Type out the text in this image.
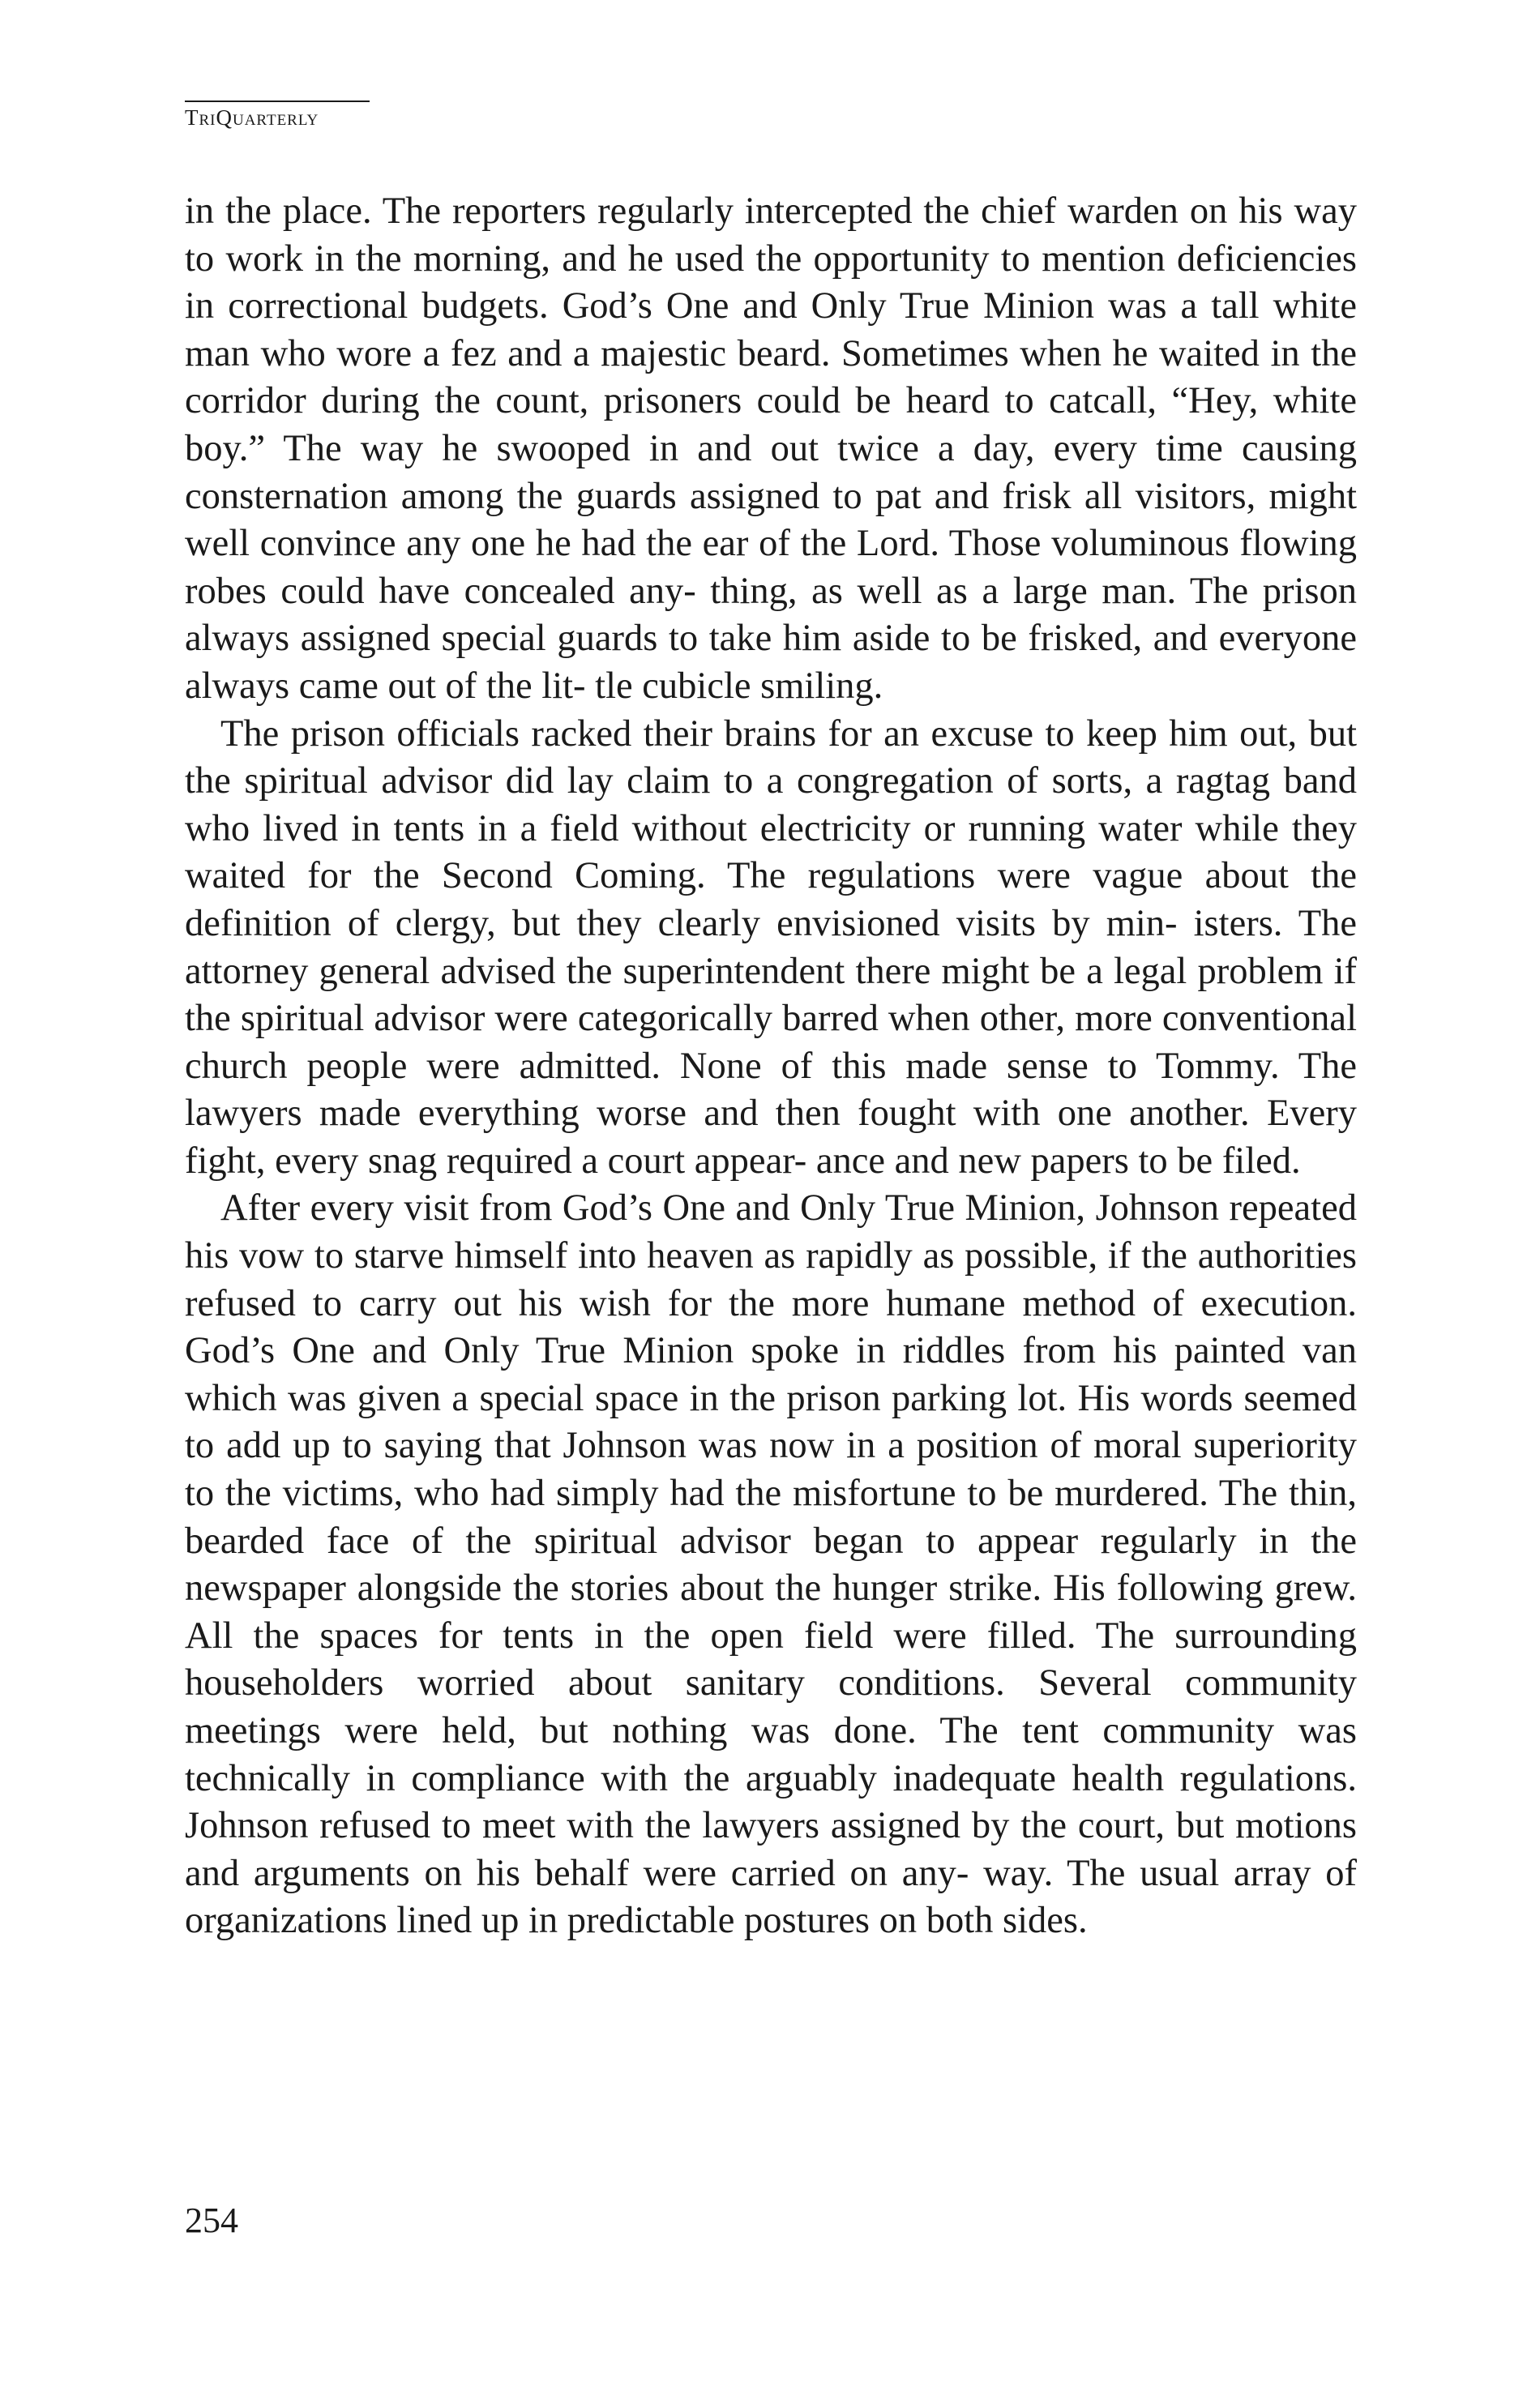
TriQuarterly

in the place. The reporters regularly intercepted the chief warden on his way to work in the morning, and he used the opportunity to mention deficiencies in correctional budgets. God’s One and Only True Minion was a tall white man who wore a fez and a majestic beard. Sometimes when he waited in the corridor during the count, prisoners could be heard to catcall, “Hey, white boy.” The way he swooped in and out twice a day, every time causing consternation among the guards assigned to pat and frisk all visitors, might well convince any one he had the ear of the Lord. Those voluminous flowing robes could have concealed any- thing, as well as a large man. The prison always assigned special guards to take him aside to be frisked, and everyone always came out of the lit- tle cubicle smiling.

The prison officials racked their brains for an excuse to keep him out, but the spiritual advisor did lay claim to a congregation of sorts, a ragtag band who lived in tents in a field without electricity or running water while they waited for the Second Coming. The regulations were vague about the definition of clergy, but they clearly envisioned visits by min- isters. The attorney general advised the superintendent there might be a legal problem if the spiritual advisor were categorically barred when other, more conventional church people were admitted. None of this made sense to Tommy. The lawyers made everything worse and then fought with one another. Every fight, every snag required a court appear- ance and new papers to be filed.

After every visit from God’s One and Only True Minion, Johnson repeated his vow to starve himself into heaven as rapidly as possible, if the authorities refused to carry out his wish for the more humane method of execution. God’s One and Only True Minion spoke in riddles from his painted van which was given a special space in the prison parking lot. His words seemed to add up to saying that Johnson was now in a position of moral superiority to the victims, who had simply had the misfortune to be murdered. The thin, bearded face of the spiritual advisor began to appear regularly in the newspaper alongside the stories about the hunger strike. His following grew. All the spaces for tents in the open field were filled. The surrounding householders worried about sanitary conditions. Several community meetings were held, but nothing was done. The tent community was technically in compliance with the arguably inadequate health regulations. Johnson refused to meet with the lawyers assigned by the court, but motions and arguments on his behalf were carried on any- way. The usual array of organizations lined up in predictable postures on both sides.

254
